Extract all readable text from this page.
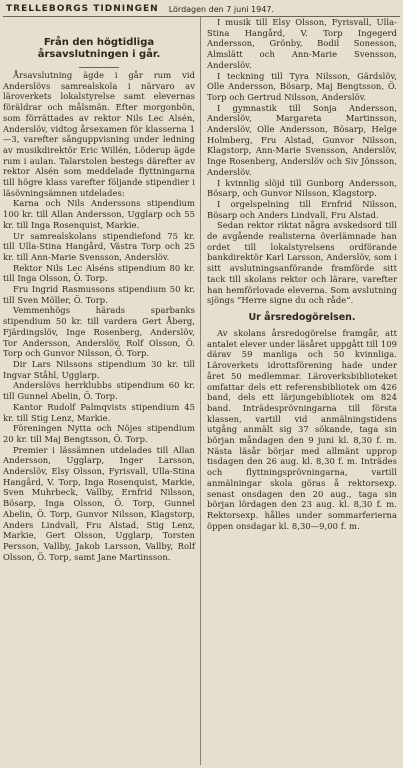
TRELLEBORGS TIDNINGEN Lördagen den 7 juni 1947.
Från den högtidliga årsavslutningen i går.

Årsavslutning ägde i går rum vid Anderslövs samrealskola i närvaro av läroverkets lokalstyrelse samt elevernas föräldrar och målsmän. Efter morgonbön, som förrättades av rektor Nils Lec Alsén, Anderslöv, vidtog årsexamen för klasserna 1—3, varefter sånguppvisning under ledning av musikdirektör Eric Willén, Löderup ägde rum i aulan. Talarstolen bestegs därefter av rektor Alsén som meddelade flyttningarna till högre klass varefter följande stipendier i läsövningsämnen utdelades:

Karna och Nils Anderssons stipendium 100 kr. till Allan Andersson, Ugglarp och 55 kr. till Inga Rosenquist, Markie.

Ur samrealskolans stipendiefond 75 kr. till Ulla-Stina Hangård, Västra Torp och 25 kr. till Ann-Marie Svensson, Anderslöv.

Rektor Nils Lec Alséns stipendium 80 kr. till Inga Olsson, Ö. Torp.

Fru Ingrid Rasmussons stipendium 50 kr. till Sven Möller, Ö. Torp.

Vemmenhögs härads sparbanks stipendium 50 kr. till vardera Gert Åberg, Fjärdingslöv, Inge Rosenberg, Anderslöv, Tor Andersson, Anderslöv, Rolf Olsson, Ö. Torp och Gunvor Nilsson, Ö. Torp.

Dir Lars Nilssons stipendium 30 kr. till Ingvar Ståhl, Ugglarp.

Anderslövs herrklubbs stipendium 60 kr. till Gunnel Abelin, Ö. Torp.

Kantor Rudolf Palmqvists stipendium 45 kr. till Stig Lenz, Markie.

Föreningen Nytta och Nöjes stipendium 20 kr. till Maj Bengtsson, Ö. Torp.

Premier i lässämnen utdelades till Allan Andersson, Ugglarp, Inger Larsson, Anderslöv, Elsy Olsson, Fyrisvall, Ulla-Stina Hangård, V. Torp, Inga Rosenquist, Markie, Sven Muhrbeck, Vallby, Ernfrid Nilsson, Bösarp, Inga Olsson, Ö. Torp, Gunnel Abelin, Ö. Torp, Gunvor Nilsson, Klagstorp, Anders Lindvall, Fru Alstad, Stig Lenz, Markie, Gert Olsson, Ugglarp, Torsten Persson, Vallby, Jakob Larsson, Vallby, Rolf Olsson, Ö. Torp, samt Jane Martinsson.

I musik till Elsy Olsson, Fyrisvall, Ulla-Stina Hangård, V. Torp Ingegerd Andersson, Grönby, Bodil Sonesson, Almslätt och Ann-Marie Svensson, Anderslöv.

I teckning till Tyra Nilsson, Gärdslöv, Olle Andersson, Bösarp, Maj Bengtsson, Ö. Torp och Gertrud Nilsson, Anderslöv.

I gymnastik till Sonja Andersson, Anderslöv, Margareta Martinsson, Anderslöv, Olle Andersson, Bösarp, Helge Holmberg, Fru Alstad, Gunvor Nilsson, Klagstorp, Ann-Marie Svensson, Anderslöv, Inge Rosenberg, Anderslöv och Siv Jönsson, Anderslöv.

I kvinnlig slöjd till Gunborg Andersson, Bösarp, och Gunvor Nilsson, Klagstorp.

I orgelspelning till Ernfrid Nilsson, Bösarp och Anders Lindvall, Fru Alstad.

Sedan rektor riktat några avskedsord till de avgående realisterna överlämnade han ordet till lokalstyrelsens ordförande bankdirektör Karl Larsson, Anderslöv, som i sitt avslutningsanförande framförde sitt tack till skolans rektor och lärare, varefter han hemförlovade eleverna. Som avslutning sjöngs ”Herre signe du och råde”.

Ur årsredogörelsen.

Av skolans årsredogörelse framgår, att antalet elever under läsåret uppgått till 109 därav 59 manliga och 50 kvinnliga. Läroverkets idrottsförening hade under året 50 medlemmar. Läroverksbiblioteket omfattar dels ett referensbibliotek om 426 band, dels ett lärjungebibliotek om 824 band. Inträdesprövningarna till första klassen, vartill vid anmälningstidens utgång anmält sig 37 sökande, taga sin början måndagen den 9 juni kl. 8,30 f. m. Nästa läsår börjar med allmänt upprop tisdagen den 26 aug. kl. 8,30 f. m. Inträdes och flyttningsprövningarna, vartill anmälningar skola göras å rektorsexp. senast onsdagen den 20 aug., taga sin början lördagen den 23 aug. kl. 8,30 f. m. Rektorsexp. hålles under sommarferierna öppen onsdagar kl. 8,30—9,00 f. m.
